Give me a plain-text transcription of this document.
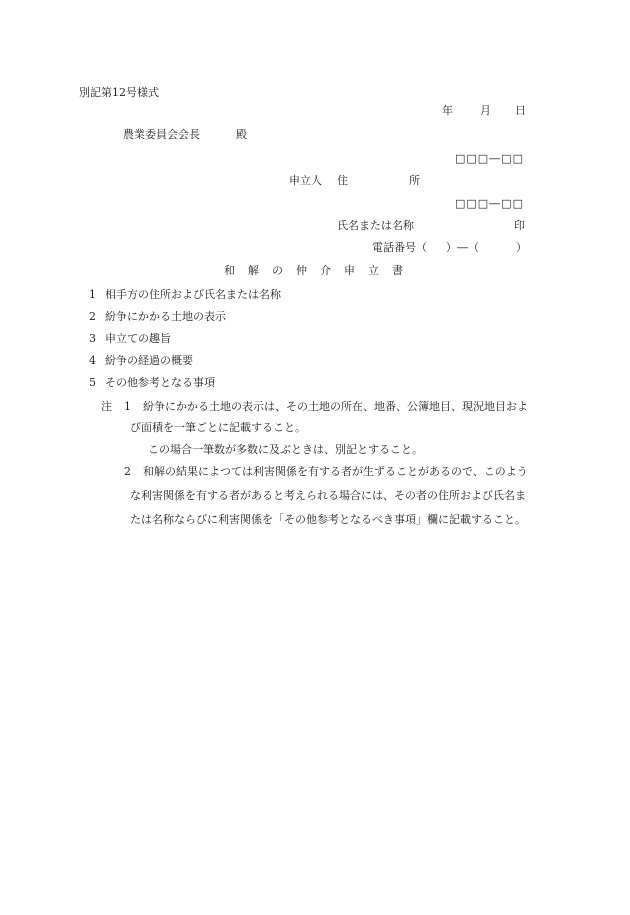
別記第12号様式
年 月 日
農業委員会会長	殿
□□□―□□
申立人 住	所
□□□―□□
氏名または名称	印
電話番号（ ）―（	）
和 解 の 仲 介 申 立 書
1 相手方の住所および氏名または名称
2 紛争にかかる土地の表示
3 申立ての趣旨
4 紛争の経過の概要
5 その他参考となる事項
注 1 紛争にかかる土地の表示は、その土地の所在、地番、公簿地目、現況地目およ
び面積を一筆ごとに記載すること。
この場合一筆数が多数に及ぶときは、別記とすること。
2 和解の結果によつては利害関係を有する者が生ずることがあるので、このよう
な利害関係を有する者があると考えられる場合には、その者の住所および氏名ま
たは名称ならびに利害関係を「その他参考となるべき事項」欄に記載すること。
